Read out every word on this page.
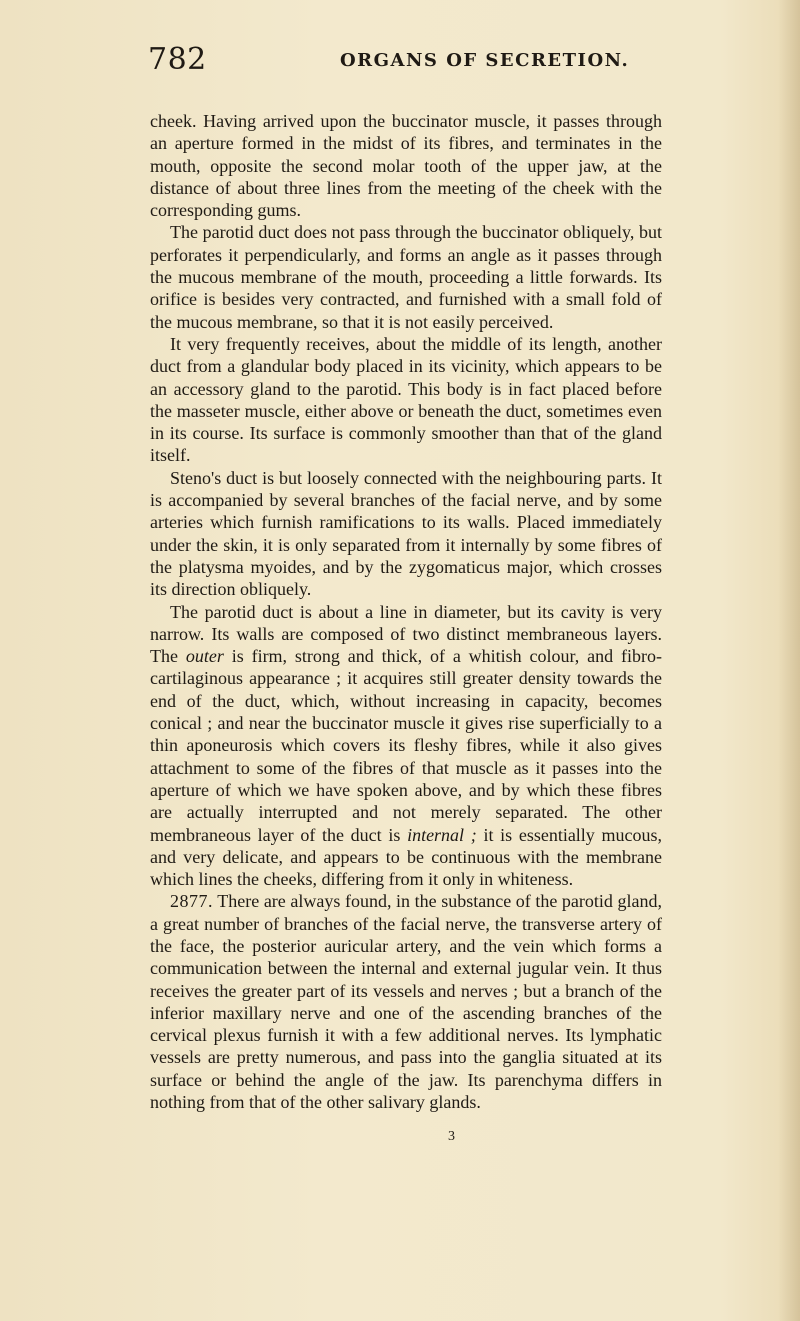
782	ORGANS OF SECRETION.

cheek. Having arrived upon the buccinator muscle, it passes through an aperture formed in the midst of its fibres, and terminates in the mouth, opposite the second molar tooth of the upper jaw, at the distance of about three lines from the meeting of the cheek with the corresponding gums.

The parotid duct does not pass through the buccinator obliquely, but perforates it perpendicularly, and forms an angle as it passes through the mucous membrane of the mouth, proceeding a little forwards. Its orifice is besides very contracted, and furnished with a small fold of the mucous membrane, so that it is not easily perceived.

It very frequently receives, about the middle of its length, another duct from a glandular body placed in its vicinity, which appears to be an accessory gland to the parotid. This body is in fact placed before the masseter muscle, either above or beneath the duct, sometimes even in its course. Its surface is commonly smoother than that of the gland itself.

Steno's duct is but loosely connected with the neighbouring parts. It is accompanied by several branches of the facial nerve, and by some arteries which furnish ramifications to its walls. Placed immediately under the skin, it is only separated from it internally by some fibres of the platysma myoides, and by the zygomaticus major, which crosses its direction obliquely.

The parotid duct is about a line in diameter, but its cavity is very narrow. Its walls are composed of two distinct membraneous layers. The outer is firm, strong and thick, of a whitish colour, and fibro-cartilaginous appearance ; it acquires still greater density towards the end of the duct, which, without increasing in capacity, becomes conical ; and near the buccinator muscle it gives rise superficially to a thin aponeurosis which covers its fleshy fibres, while it also gives attachment to some of the fibres of that muscle as it passes into the aperture of which we have spoken above, and by which these fibres are actually interrupted and not merely separated. The other membraneous layer of the duct is internal ; it is essentially mucous, and very delicate, and appears to be continuous with the membrane which lines the cheeks, differing from it only in whiteness.

2877. There are always found, in the substance of the parotid gland, a great number of branches of the facial nerve, the transverse artery of the face, the posterior auricular artery, and the vein which forms a communication between the internal and external jugular vein. It thus receives the greater part of its vessels and nerves ; but a branch of the inferior maxillary nerve and one of the ascending branches of the cervical plexus furnish it with a few additional nerves. Its lymphatic vessels are pretty numerous, and pass into the ganglia situated at its surface or behind the angle of the jaw. Its parenchyma differs in nothing from that of the other salivary glands.

3
